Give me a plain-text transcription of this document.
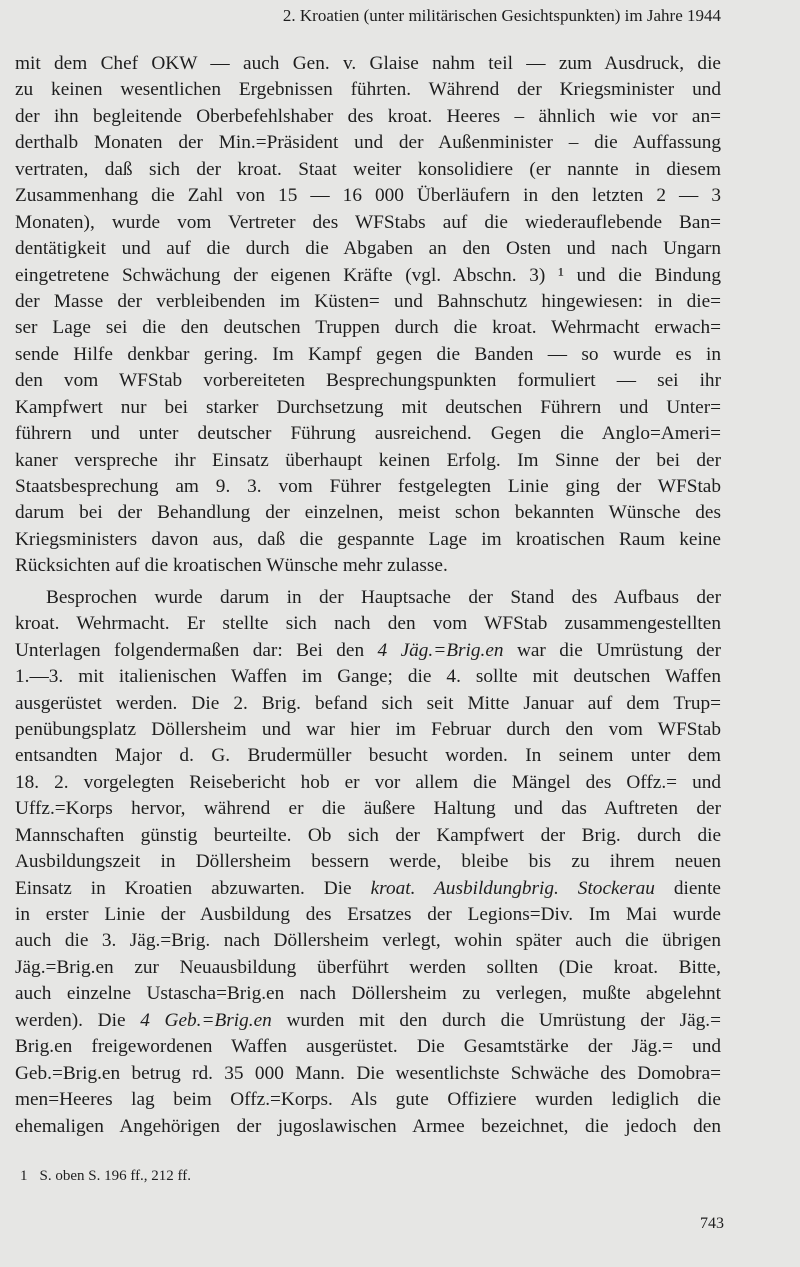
2. Kroatien (unter militärischen Gesichtspunkten) im Jahre 1944
mit dem Chef OKW — auch Gen. v. Glaise nahm teil — zum Ausdruck, die
zu keinen wesentlichen Ergebnissen führten. Während der Kriegsminister und
der ihn begleitende Oberbefehlshaber des kroat. Heeres – ähnlich wie vor an=
derthalb Monaten der Min.=Präsident und der Außenminister – die Auffassung
vertraten, daß sich der kroat. Staat weiter konsolidiere (er nannte in diesem
Zusammenhang die Zahl von 15 — 16 000 Überläufern in den letzten 2 — 3
Monaten), wurde vom Vertreter des WFStabs auf die wiederauflebende Ban=
dentätigkeit und auf die durch die Abgaben an den Osten und nach Ungarn
eingetretene Schwächung der eigenen Kräfte (vgl. Abschn. 3) ¹ und die Bindung
der Masse der verbleibenden im Küsten= und Bahnschutz hingewiesen: in die=
ser Lage sei die den deutschen Truppen durch die kroat. Wehrmacht erwach=
sende Hilfe denkbar gering. Im Kampf gegen die Banden — so wurde es in
den vom WFStab vorbereiteten Besprechungspunkten formuliert — sei ihr
Kampfwert nur bei starker Durchsetzung mit deutschen Führern und Unter=
führern und unter deutscher Führung ausreichend. Gegen die Anglo=Ameri=
kaner verspreche ihr Einsatz überhaupt keinen Erfolg. Im Sinne der bei der
Staatsbesprechung am 9. 3. vom Führer festgelegten Linie ging der WFStab
darum bei der Behandlung der einzelnen, meist schon bekannten Wünsche des
Kriegsministers davon aus, daß die gespannte Lage im kroatischen Raum keine
Rücksichten auf die kroatischen Wünsche mehr zulasse.
Besprochen wurde darum in der Hauptsache der Stand des Aufbaus der
kroat. Wehrmacht. Er stellte sich nach den vom WFStab zusammengestellten
Unterlagen folgendermaßen dar: Bei den 4 Jäg.=Brig.en war die Umrüstung der
1.—3. mit italienischen Waffen im Gange; die 4. sollte mit deutschen Waffen
ausgerüstet werden. Die 2. Brig. befand sich seit Mitte Januar auf dem Trup=
penübungsplatz Döllersheim und war hier im Februar durch den vom WFStab
entsandten Major d. G. Brudermüller besucht worden. In seinem unter dem
18. 2. vorgelegten Reisebericht hob er vor allem die Mängel des Offz.= und
Uffz.=Korps hervor, während er die äußere Haltung und das Auftreten der
Mannschaften günstig beurteilte. Ob sich der Kampfwert der Brig. durch die
Ausbildungszeit in Döllersheim bessern werde, bleibe bis zu ihrem neuen
Einsatz in Kroatien abzuwarten. Die kroat. Ausbildungbrig. Stockerau diente
in erster Linie der Ausbildung des Ersatzes der Legions=Div. Im Mai wurde
auch die 3. Jäg.=Brig. nach Döllersheim verlegt, wohin später auch die übrigen
Jäg.=Brig.en zur Neuausbildung überführt werden sollten (Die kroat. Bitte,
auch einzelne Ustascha=Brig.en nach Döllersheim zu verlegen, mußte abgelehnt
werden). Die 4 Geb.=Brig.en wurden mit den durch die Umrüstung der Jäg.=
Brig.en freigewordenen Waffen ausgerüstet. Die Gesamtstärke der Jäg.= und
Geb.=Brig.en betrug rd. 35 000 Mann. Die wesentlichste Schwäche des Domobra=
men=Heeres lag beim Offz.=Korps. Als gute Offiziere wurden lediglich die
ehemaligen Angehörigen der jugoslawischen Armee bezeichnet, die jedoch den
1 S. oben S. 196 ff., 212 ff.
743
